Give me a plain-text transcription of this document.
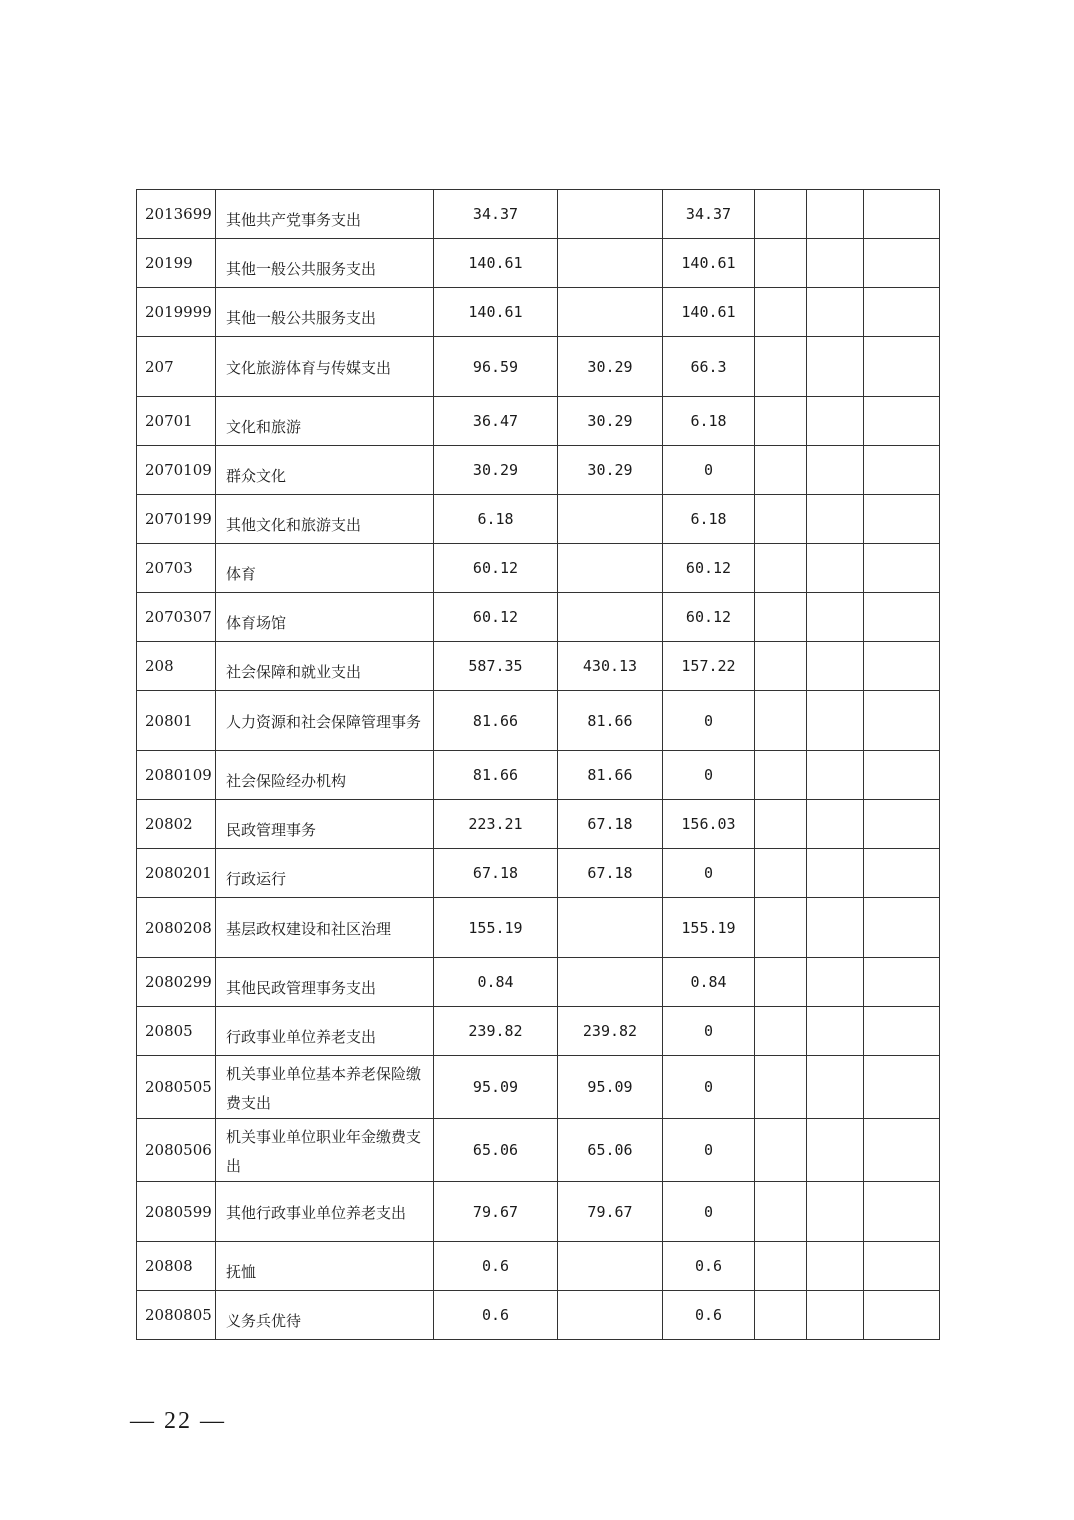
2013699	其他共产党事务支出	34.37		34.37			
20199	其他一般公共服务支出	140.61		140.61			
2019999	其他一般公共服务支出	140.61		140.61			
207	文化旅游体育与传媒支出	96.59	30.29	66.3			
20701	文化和旅游	36.47	30.29	6.18			
2070109	群众文化	30.29	30.29	0			
2070199	其他文化和旅游支出	6.18		6.18			
20703	体育	60.12		60.12			
2070307	体育场馆	60.12		60.12			
208	社会保障和就业支出	587.35	430.13	157.22			
20801	人力资源和社会保障管理事务	81.66	81.66	0			
2080109	社会保险经办机构	81.66	81.66	0			
20802	民政管理事务	223.21	67.18	156.03			
2080201	行政运行	67.18	67.18	0			
2080208	基层政权建设和社区治理	155.19		155.19			
2080299	其他民政管理事务支出	0.84		0.84			
20805	行政事业单位养老支出	239.82	239.82	0			
2080505	机关事业单位基本养老保险缴费支出	95.09	95.09	0			
2080506	机关事业单位职业年金缴费支出	65.06	65.06	0			
2080599	其他行政事业单位养老支出	79.67	79.67	0			
20808	抚恤	0.6		0.6			
2080805	义务兵优待	0.6		0.6			
— 22 —
